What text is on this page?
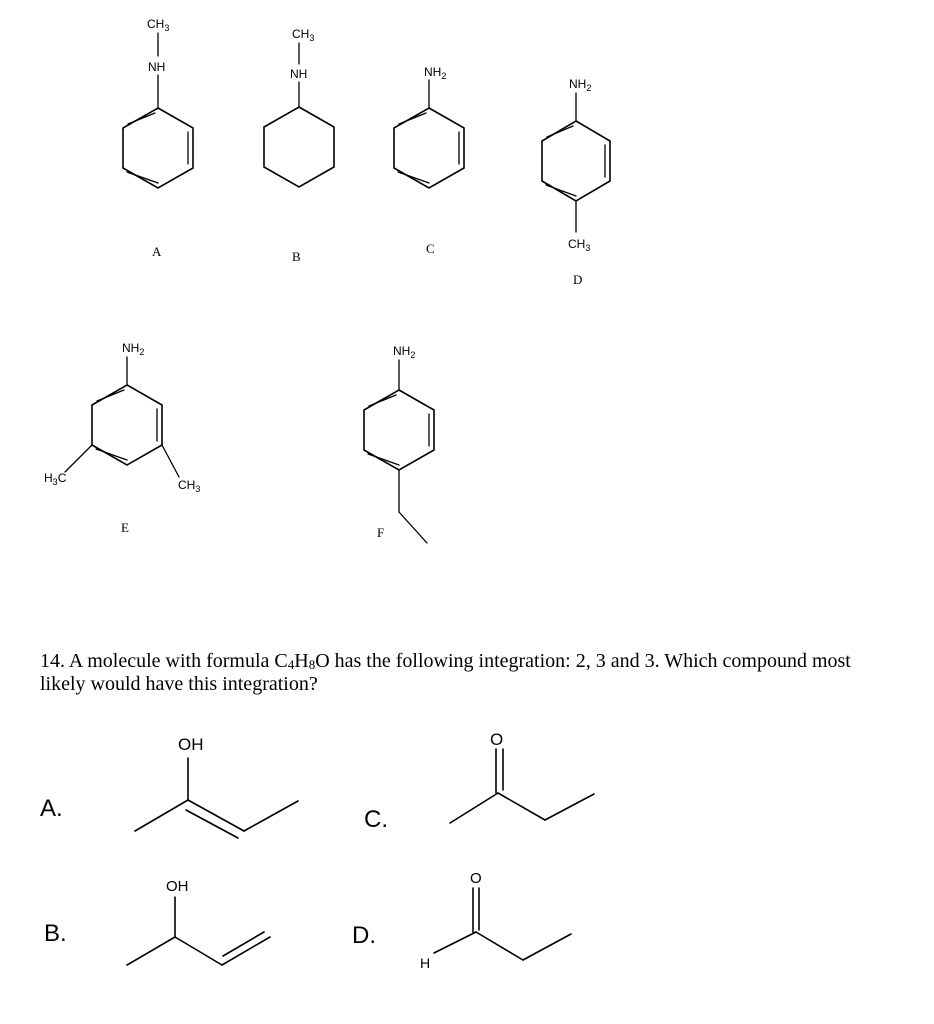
$CH_3$
NH
A
$CH_3$
NH
B
$NH_2$
C
$NH_2$
$CH_3$
D
$NH_2$
$H_3C$	$CH_3$
E
$NH_2$
F
A.
OH
B.
OH
C.
O
D.
O
H
14. A molecule with formula $C_4H_8O$ has the following integration: 2, 3 and 3. Which compound most likely would have this integration?
